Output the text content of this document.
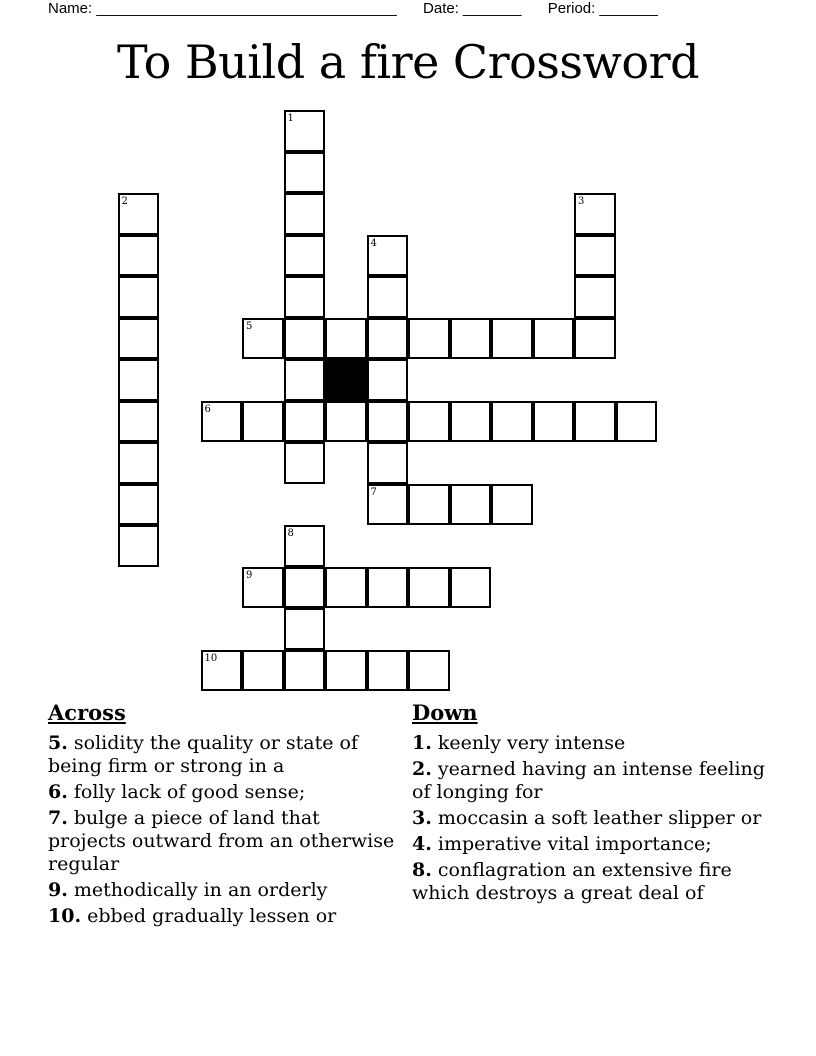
Name: ____________________________________ Date: _______ Period: _______
To Build a fire Crossword
2
1
3
4
7
5
6
8
9
10
Across
5. solidity the quality or state of being firm or strong in a
6. folly lack of good sense;
7. bulge a piece of land that projects outward from an otherwise regular
9. methodically in an orderly
10. ebbed gradually lessen or
Down
1. keenly very intense
2. yearned having an intense feeling of longing for
3. moccasin a soft leather slipper or
4. imperative vital importance;
8. conflagration an extensive fire which destroys a great deal of
